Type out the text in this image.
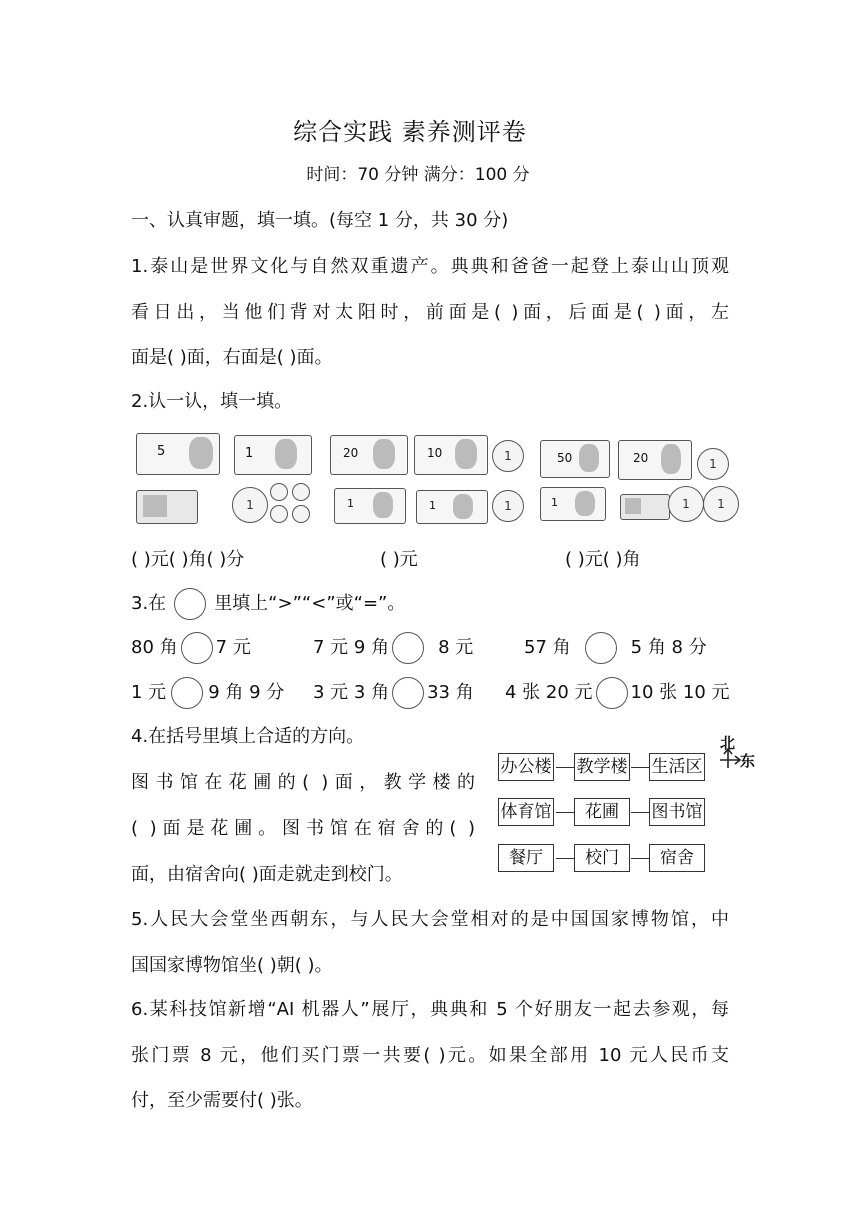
综合实践 素养测评卷
时间：70 分钟 满分：100 分
一、认真审题，填一填。(每空 1 分，共 30 分)
1.泰山是世界文化与自然双重遗产。典典和爸爸一起登上泰山山顶观
看日出，当他们背对太阳时，前面是( )面，后面是( )面，左
面是( )面，右面是( )面。
2.认一认，填一填。
5	1	20	10	1	50	20	1
1	1	1	1	1	1	1
( )元( )角( )分	( )元	( )元( )角
3.在	里填上“>”“<”或“=”。
80 角 7 元	7 元 9 角	8 元	57 角	5 角 8 分
1 元 9 角 9 分 3 元 3 角 33 角 4 张 20 元 10 张 10 元
4.在括号里填上合适的方向。
图书馆在花圃的( )面，教学楼的
( )面是花圃。图书馆在宿舍的( )
面，由宿舍向( )面走就走到校门。
办公楼 教学楼 生活区
体育馆	花圃	图书馆
餐厅	校门	宿舍
北
东
5.人民大会堂坐西朝东，与人民大会堂相对的是中国国家博物馆，中
国国家博物馆坐( )朝( )。
6.某科技馆新增“AI 机器人”展厅，典典和 5 个好朋友一起去参观，每
张门票 8 元，他们买门票一共要( )元。如果全部用 10 元人民币支
付，至少需要付( )张。
